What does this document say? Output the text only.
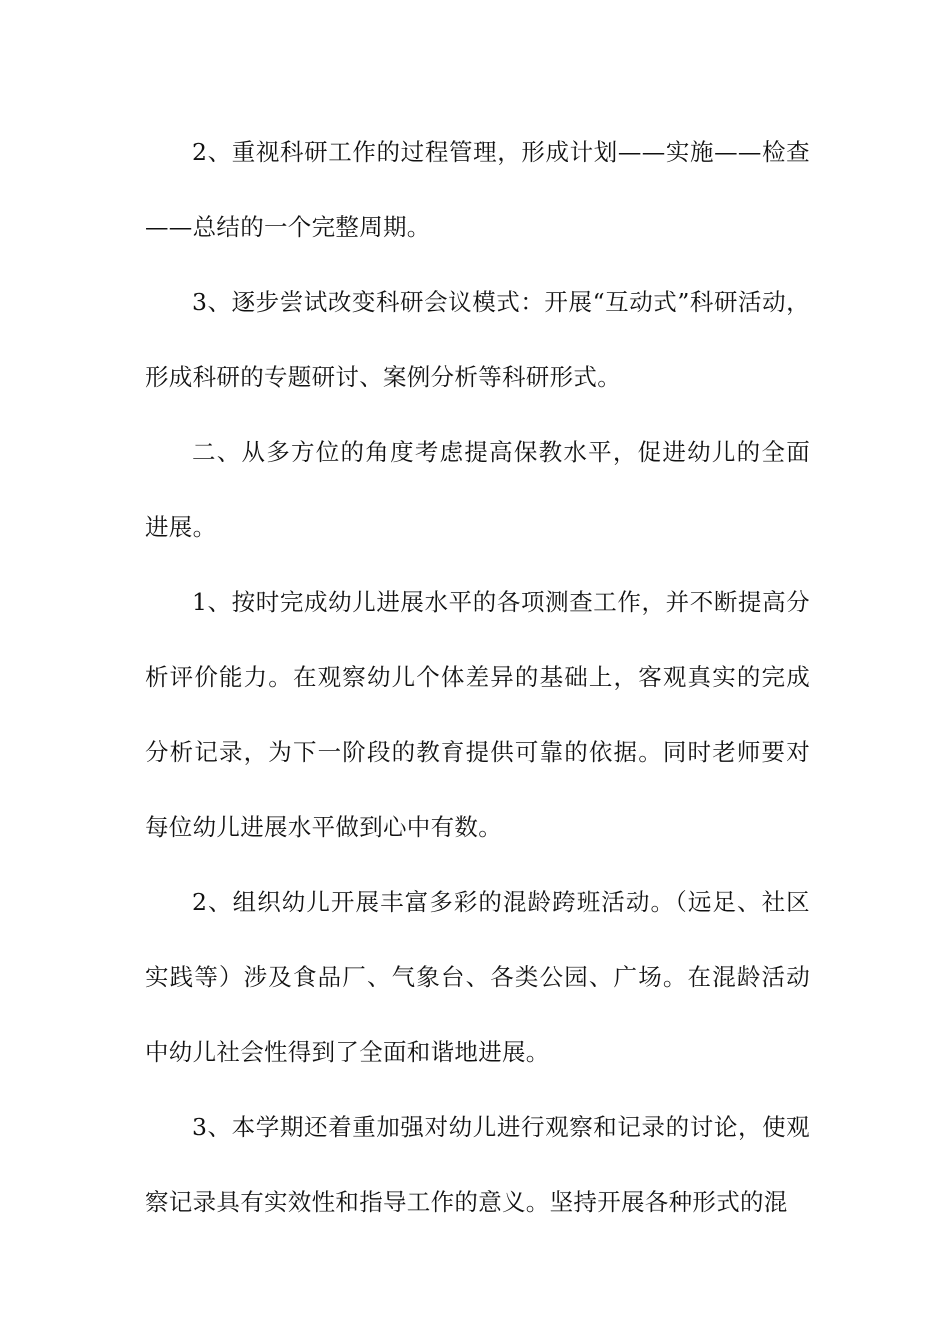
2、重视科研工作的过程管理，形成计划——实施——检查——总结的一个完整周期。

3、逐步尝试改变科研会议模式：开展“互动式”科研活动，形成科研的专题研讨、案例分析等科研形式。

二、从多方位的角度考虑提高保教水平，促进幼儿的全面进展。

1、按时完成幼儿进展水平的各项测查工作，并不断提高分析评价能力。在观察幼儿个体差异的基础上，客观真实的完成分析记录，为下一阶段的教育提供可靠的依据。同时老师要对每位幼儿进展水平做到心中有数。

2、组织幼儿开展丰富多彩的混龄跨班活动。（远足、社区实践等）涉及食品厂、气象台、各类公园、广场。在混龄活动中幼儿社会性得到了全面和谐地进展。

3、本学期还着重加强对幼儿进行观察和记录的讨论，使观察记录具有实效性和指导工作的意义。坚持开展各种形式的混
